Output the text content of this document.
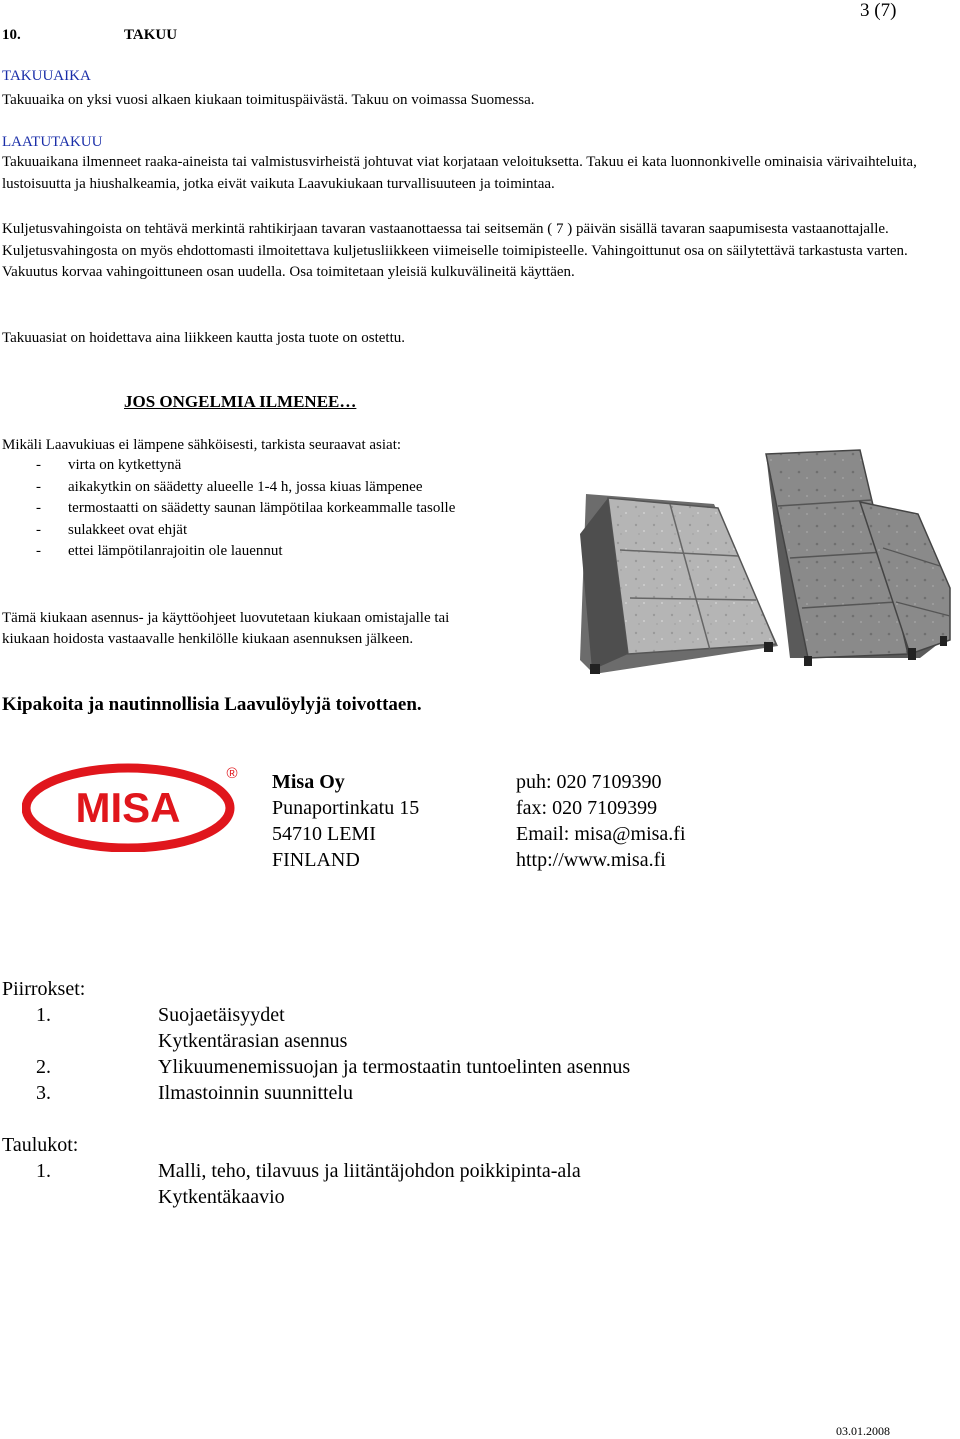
10.	TAKUU
3 (7)
TAKUUAIKA
Takuuaika on yksi vuosi alkaen kiukaan toimituspäivästä. Takuu on voimassa Suomessa.
LAATUTAKUU
Takuuaikana ilmenneet raaka-aineista tai valmistusvirheistä johtuvat viat korjataan veloituksetta. Takuu ei kata luonnonkivelle ominaisia värivaihteluita, lustoisuutta ja hiushalkeamia, jotka eivät vaikuta Laavukiukaan turvallisuuteen ja toimintaa.
Kuljetusvahingoista on tehtävä merkintä rahtikirjaan tavaran vastaanottaessa tai seitsemän ( 7 ) päivän sisällä tavaran saapumisesta vastaanottajalle. Kuljetusvahingosta on myös ehdottomasti ilmoitettava kuljetusliikkeen viimeiselle toimipisteelle. Vahingoittunut osa on säilytettävä tarkastusta varten. Vakuutus korvaa vahingoittuneen osan uudella. Osa toimitetaan yleisiä kulkuvälineitä käyttäen.
Takuuasiat on hoidettava aina liikkeen kautta josta tuote on ostettu.
JOS ONGELMIA ILMENEE…
Mikäli Laavukiuas ei lämpene sähköisesti, tarkista seuraavat asiat:
- virta on kytkettynä
- aikakytkin on säädetty alueelle 1-4 h, jossa kiuas lämpenee
- termostaatti on säädetty saunan lämpötilaa korkeammalle tasolle
- sulakkeet ovat ehjät
- ettei lämpötilanrajoitin ole lauennut
Tämä kiukaan asennus- ja käyttöohjeet luovutetaan kiukaan omistajalle tai
kiukaan hoidosta vastaavalle henkilölle kiukaan asennuksen jälkeen.
Kipakoita ja nautinnollisia Laavulöylyjä toivottaen.
MISA
® Misa Oy
Punaportinkatu 15
54710 LEMI
FINLAND
puh: 020 7109390
fax: 020 7109399
Email: misa@misa.fi
http://www.misa.fi
Piirrokset:
1.	Suojaetäisyydet
Kytkentärasian asennus
2.	Ylikuumenemissuojan ja termostaatin tuntoelinten asennus
3.	Ilmastoinnin suunnittelu
Taulukot:
1.	Malli, teho, tilavuus ja liitäntäjohdon poikkipinta-ala
Kytkentäkaavio
03.01.2008
